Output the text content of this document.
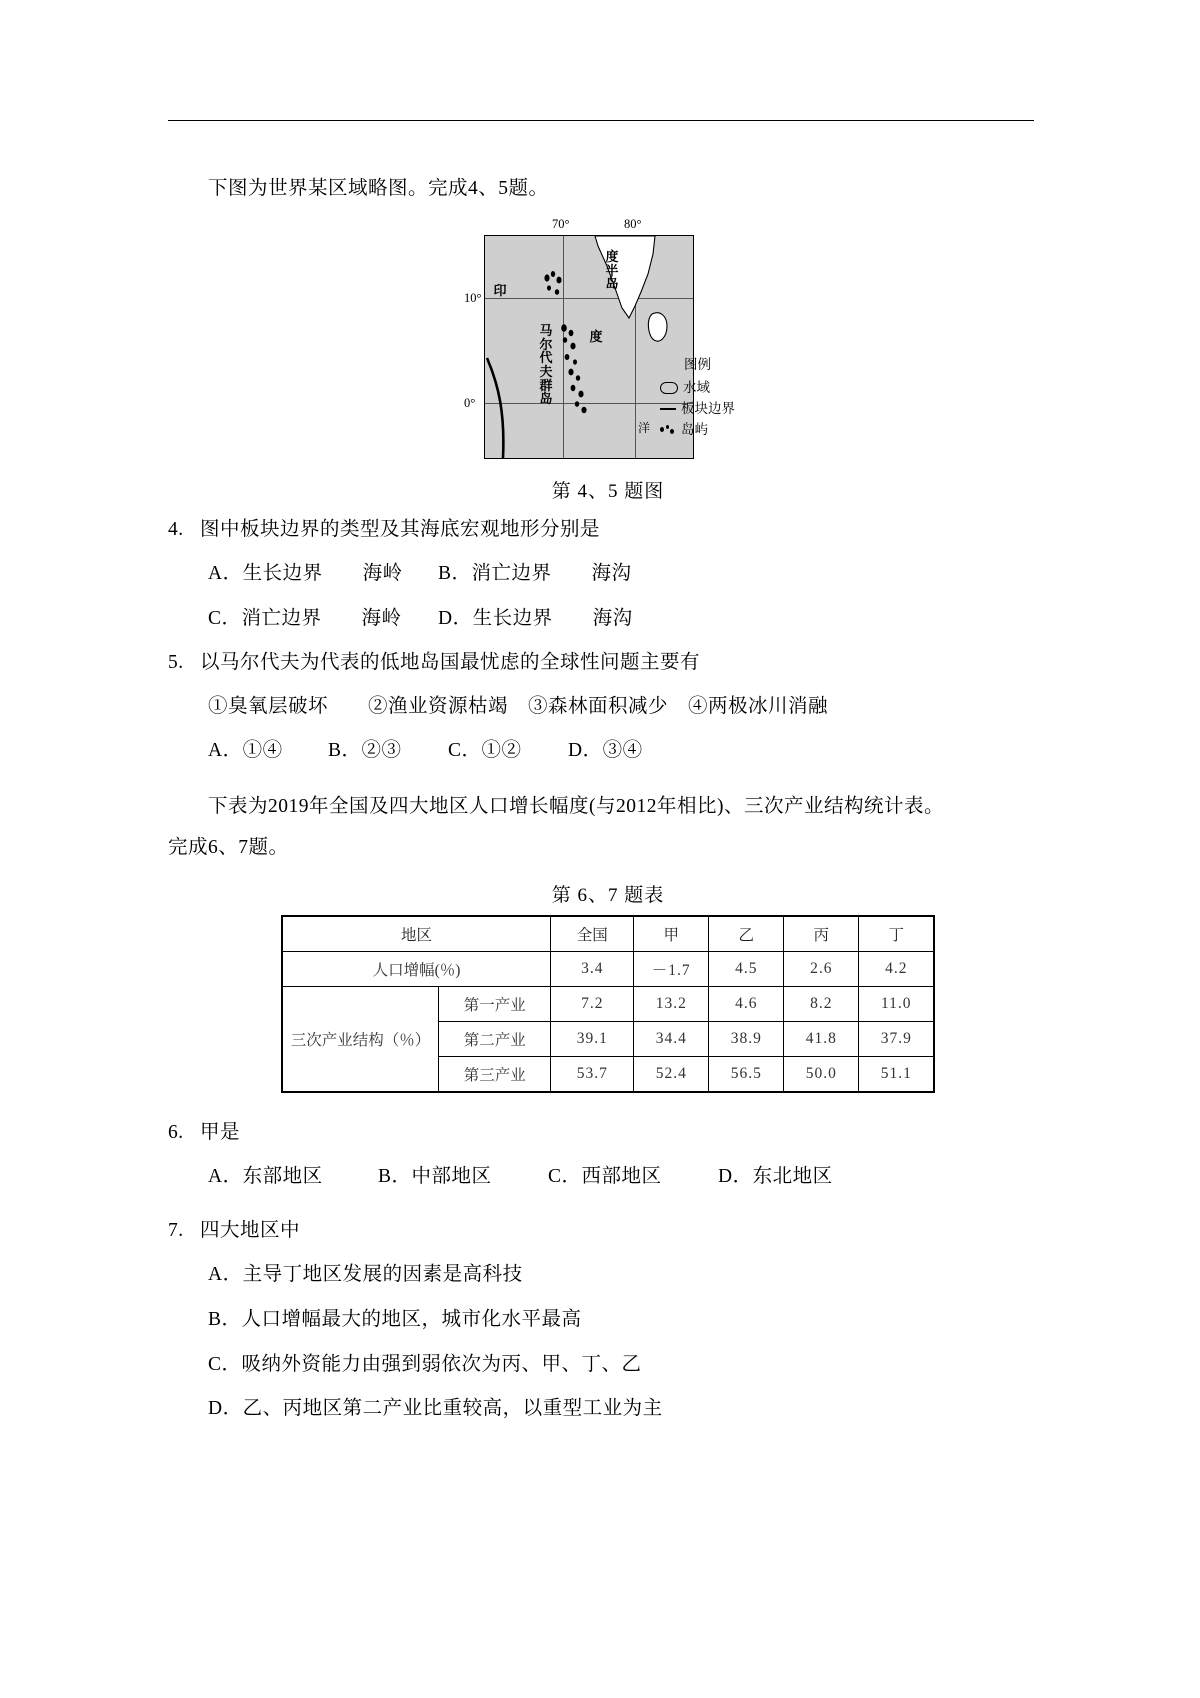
下图为世界某区域略图。完成4、5题。

70°	80°
10°
0°
印
度
半
岛
马
尔
代
夫
群
岛
度
洋
图例
水域
板块边界
岛屿
第 4、5 题图

4. 图中板块边界的类型及其海底宏观地形分别是

A．生长边界　　海岭 B．消亡边界　　海沟

C．消亡边界　　海岭 D．生长边界　　海沟

5. 以马尔代夫为代表的低地岛国最忧虑的全球性问题主要有

①臭氧层破坏　　②渔业资源枯竭　③森林面积减少　④两极冰川消融

A．①④ B．②③ C．①② D．③④

下表为2019年全国及四大地区人口增长幅度(与2012年相比)、三次产业结构统计表。

完成6、7题。

第 6、7 题表
地区		全国	甲	乙	丙	丁
人口增幅(％)		3.4	－1.7	4.5	2.6	4.2
三次产业结构（％）	第一产业	7.2	13.2	4.6	8.2	11.0
	第二产业	39.1	34.4	38.9	41.8	37.9
	第三产业	53.7	52.4	56.5	50.0	51.1

6. 甲是

A．东部地区	B．中部地区	C．西部地区	D．东北地区

7. 四大地区中

A．主导丁地区发展的因素是高科技

B．人口增幅最大的地区，城市化水平最高

C．吸纳外资能力由强到弱依次为丙、甲、丁、乙

D．乙、丙地区第二产业比重较高，以重型工业为主
